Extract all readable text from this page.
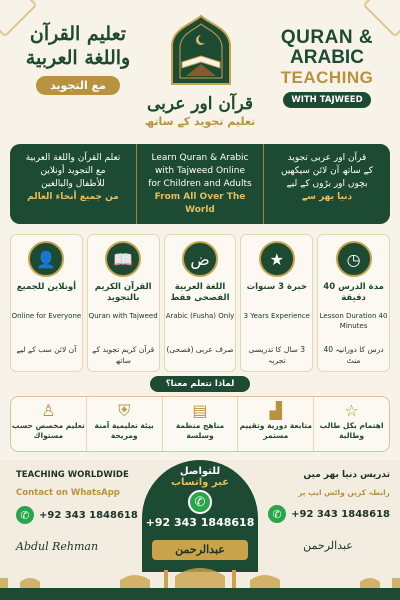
تعليم القرآن
واللغة العربية
مع التجويد
QURAN &
ARABIC
TEACHING
WITH TAJWEED
قرآن اور عربی
تعلیم تجوید کے ساتھ
تعلم القرآن واللغة العربية
مع التجويد أونلاين
للأطفال والبالغين
من جميع أنحاء العالم
Learn Quran & Arabic
with Tajweed Online
for Children and Adults
From All Over The World
قرآن اور عربی تجوید
کے ساتھ آن لائن سیکھیں
بچوں اور بڑوں کے لیے
دنیا بھر سے
👤
أونلاين للجميع
Online for Everyone
آن لائن سب کے لیے
📖
القرآن الكريم بالتجويد
Quran with Tajweed
قرآن کریم تجوید کے ساتھ
ض
اللغة العربية الفصحى فقط
Arabic (Fusha) Only
صرف عربی (فصحی)
★
خبرة 3 سنوات
3 Years Experience
3 سال کا تدریسی تجربہ
◷
مدة الدرس 40 دقيقة
Lesson Duration 40 Minutes
درس کا دورانیہ 40 منٹ
لماذا تتعلم معنا؟
♙
تعليم مخصص حسب مستواك
⛨
بيئة تعليمية آمنة ومريحة
▤
مناهج منظمة وسلسة
▟
متابعة دورية وتقييم مستمر
☆
اهتمام بكل طالب وطالبة
TEACHING WORLDWIDE
Contact on WhatsApp
✆ +92 343 1848618
Abdul Rehman
للتواصل
عبر واتساب
✆
+92 343 1848618
تدریس دنیا بھر میں
رابطہ کریں واٹس ایپ پر
✆ +92 343 1848618
عبدالرحمن
عبدالرحمن
